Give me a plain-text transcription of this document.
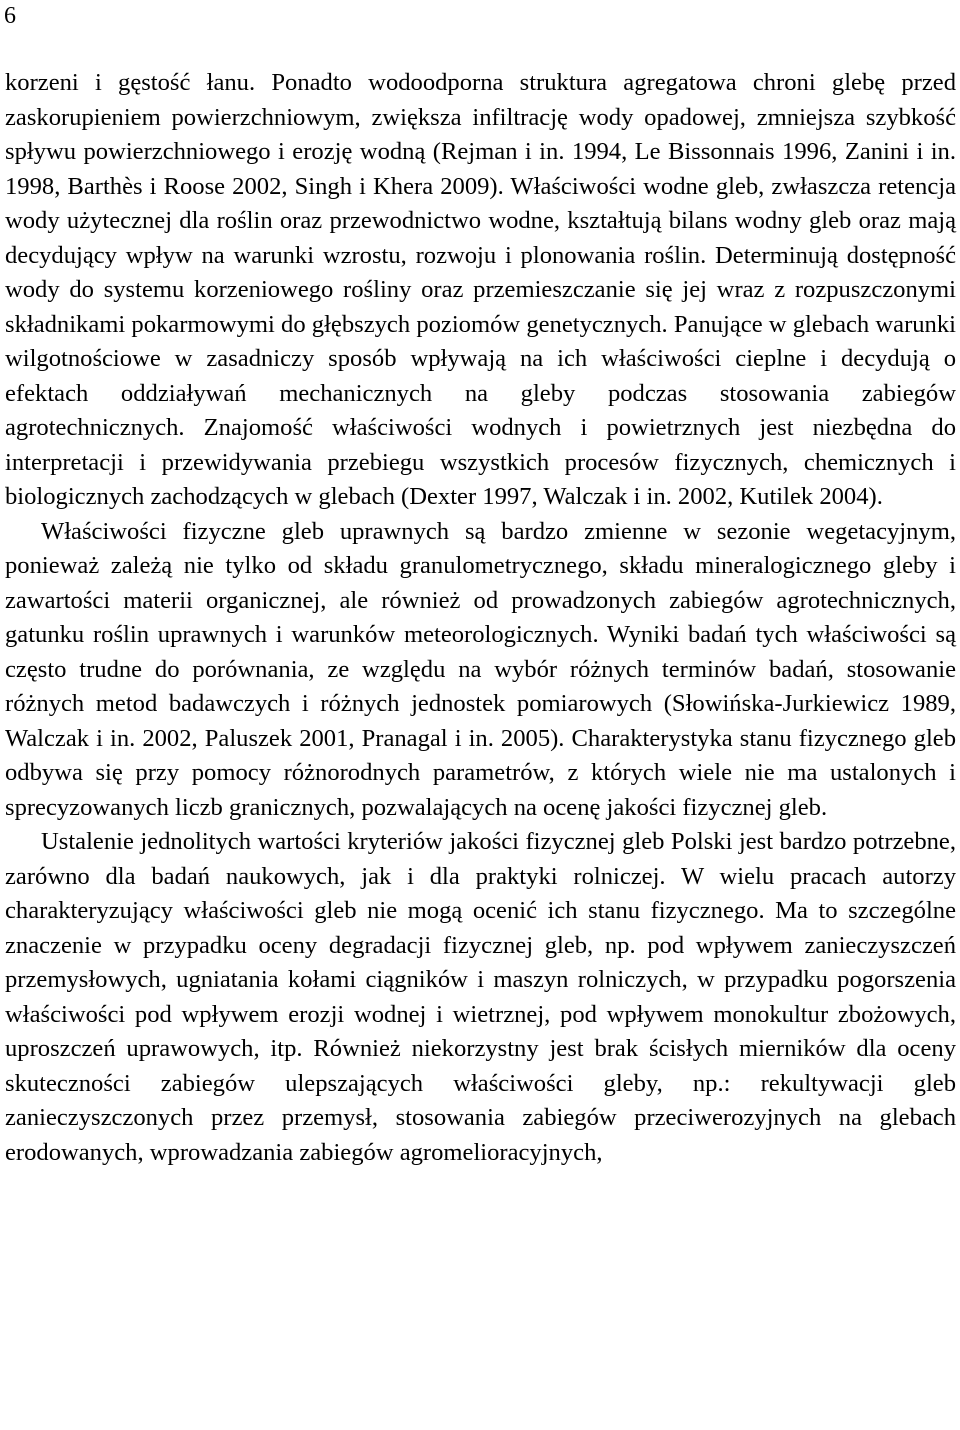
6

korzeni i gęstość łanu. Ponadto wodoodporna struktura agregatowa chroni glebę przed zaskorupieniem powierzchniowym, zwiększa infiltrację wody opadowej, zmniejsza szybkość spływu powierzchniowego i erozję wodną (Rejman i in. 1994, Le Bissonnais 1996, Zanini i in. 1998, Barthès i Roose 2002, Singh i Khera 2009). Właściwości wodne gleb, zwłaszcza retencja wody użytecznej dla roślin oraz przewodnictwo wodne, kształtują bilans wodny gleb oraz mają decydujący wpływ na warunki wzrostu, rozwoju i plonowania roślin. Determinują dostępność wody do systemu korzeniowego rośliny oraz przemieszczanie się jej wraz z rozpuszczonymi składnikami pokarmowymi do głębszych poziomów genetycznych. Panujące w glebach warunki wilgotnościowe w zasadniczy sposób wpływają na ich właściwości cieplne i decydują o efektach oddziaływań mechanicznych na gleby podczas stosowania zabiegów agrotechnicznych. Znajomość właściwości wodnych i powietrznych jest niezbędna do interpretacji i przewidywania przebiegu wszystkich procesów fizycznych, chemicznych i biologicznych zachodzących w glebach (Dexter 1997, Walczak i in. 2002, Kutilek 2004).

Właściwości fizyczne gleb uprawnych są bardzo zmienne w sezonie wegetacyjnym, ponieważ zależą nie tylko od składu granulometrycznego, składu mineralogicznego gleby i zawartości materii organicznej, ale również od prowadzonych zabiegów agrotechnicznych, gatunku roślin uprawnych i warunków meteorologicznych. Wyniki badań tych właściwości są często trudne do porównania, ze względu na wybór różnych terminów badań, stosowanie różnych metod badawczych i różnych jednostek pomiarowych (Słowińska-Jurkiewicz 1989, Walczak i in. 2002, Paluszek 2001, Pranagal i in. 2005). Charakterystyka stanu fizycznego gleb odbywa się przy pomocy różnorodnych parametrów, z których wiele nie ma ustalonych i sprecyzowanych liczb granicznych, pozwalających na ocenę jakości fizycznej gleb.

Ustalenie jednolitych wartości kryteriów jakości fizycznej gleb Polski jest bardzo potrzebne, zarówno dla badań naukowych, jak i dla praktyki rolniczej. W wielu pracach autorzy charakteryzujący właściwości gleb nie mogą ocenić ich stanu fizycznego. Ma to szczególne znaczenie w przypadku oceny degradacji fizycznej gleb, np. pod wpływem zanieczyszczeń przemysłowych, ugniatania kołami ciągników i maszyn rolniczych, w przypadku pogorszenia właściwości pod wpływem erozji wodnej i wietrznej, pod wpływem monokultur zbożowych, uproszczeń uprawowych, itp. Również niekorzystny jest brak ścisłych mierników dla oceny skuteczności zabiegów ulepszających właściwości gleby, np.: rekultywacji gleb zanieczyszczonych przez przemysł, stosowania zabiegów przeciwerozyjnych na glebach erodowanych, wprowadzania zabiegów agromelioracyjnych,
